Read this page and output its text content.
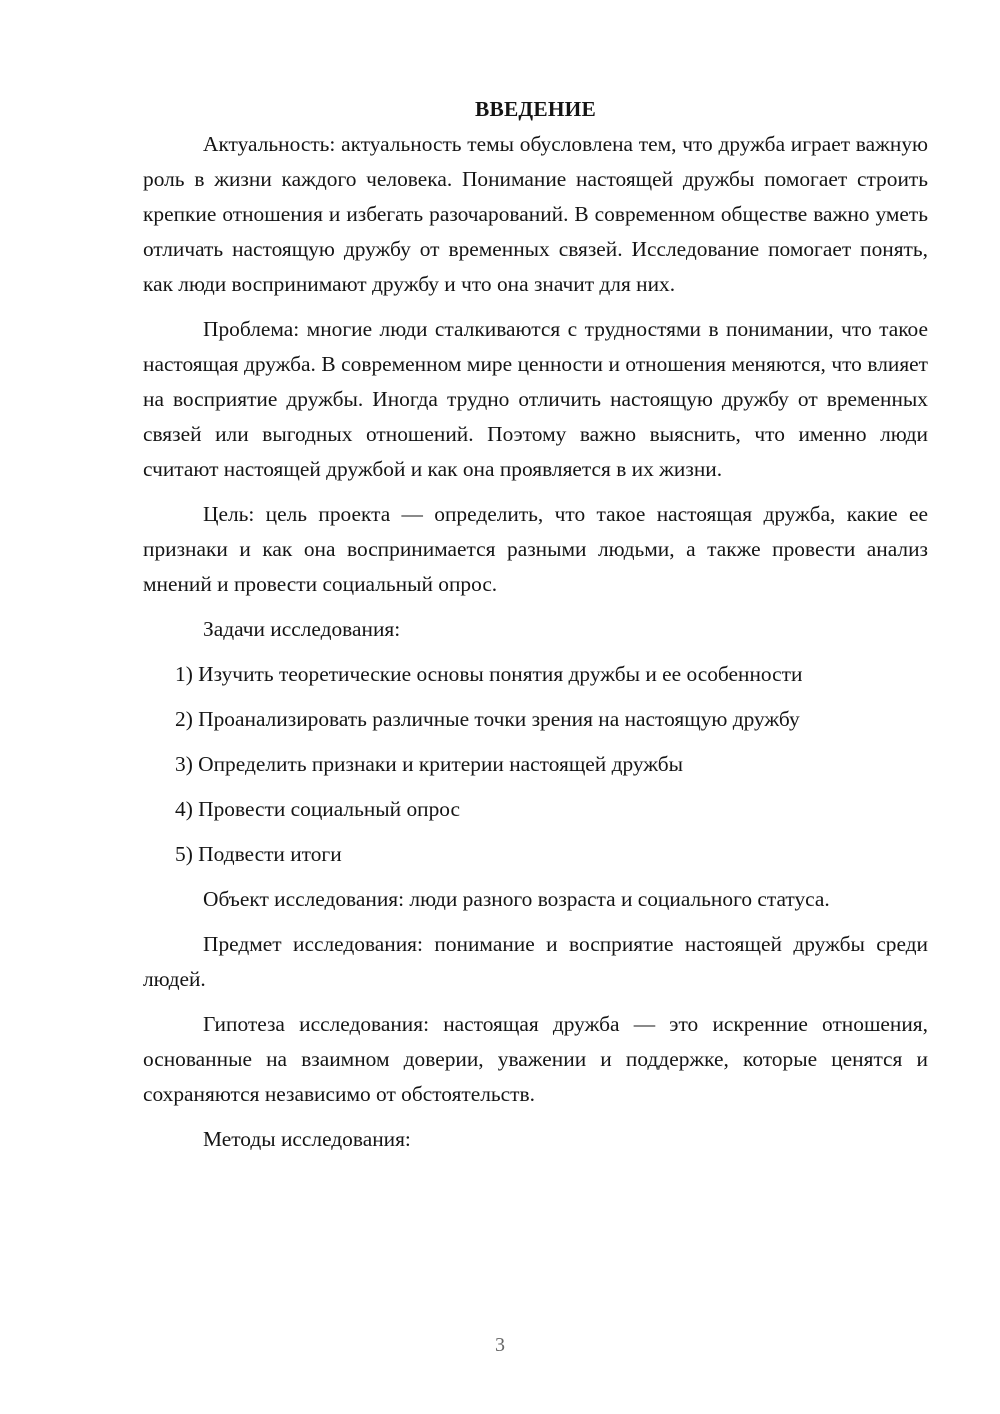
ВВЕДЕНИЕ

Актуальность: актуальность темы обусловлена тем, что дружба играет важную роль в жизни каждого человека. Понимание настоящей дружбы помогает строить крепкие отношения и избегать разочарований. В современном обществе важно уметь отличать настоящую дружбу от временных связей. Исследование помогает понять, как люди воспринимают дружбу и что она значит для них.

Проблема: многие люди сталкиваются с трудностями в понимании, что такое настоящая дружба. В современном мире ценности и отношения меняются, что влияет на восприятие дружбы. Иногда трудно отличить настоящую дружбу от временных связей или выгодных отношений. Поэтому важно выяснить, что именно люди считают настоящей дружбой и как она проявляется в их жизни.

Цель: цель проекта — определить, что такое настоящая дружба, какие ее признаки и как она воспринимается разными людьми, а также провести анализ мнений и провести социальный опрос.

Задачи исследования:

1) Изучить теоретические основы понятия дружбы и ее особенности
2) Проанализировать различные точки зрения на настоящую дружбу
3) Определить признаки и критерии настоящей дружбы
4) Провести социальный опрос
5) Подвести итоги

Объект исследования: люди разного возраста и социального статуса.

Предмет исследования: понимание и восприятие настоящей дружбы среди людей.

Гипотеза исследования: настоящая дружба — это искренние отношения, основанные на взаимном доверии, уважении и поддержке, которые ценятся и сохраняются независимо от обстоятельств.

Методы исследования:

3
